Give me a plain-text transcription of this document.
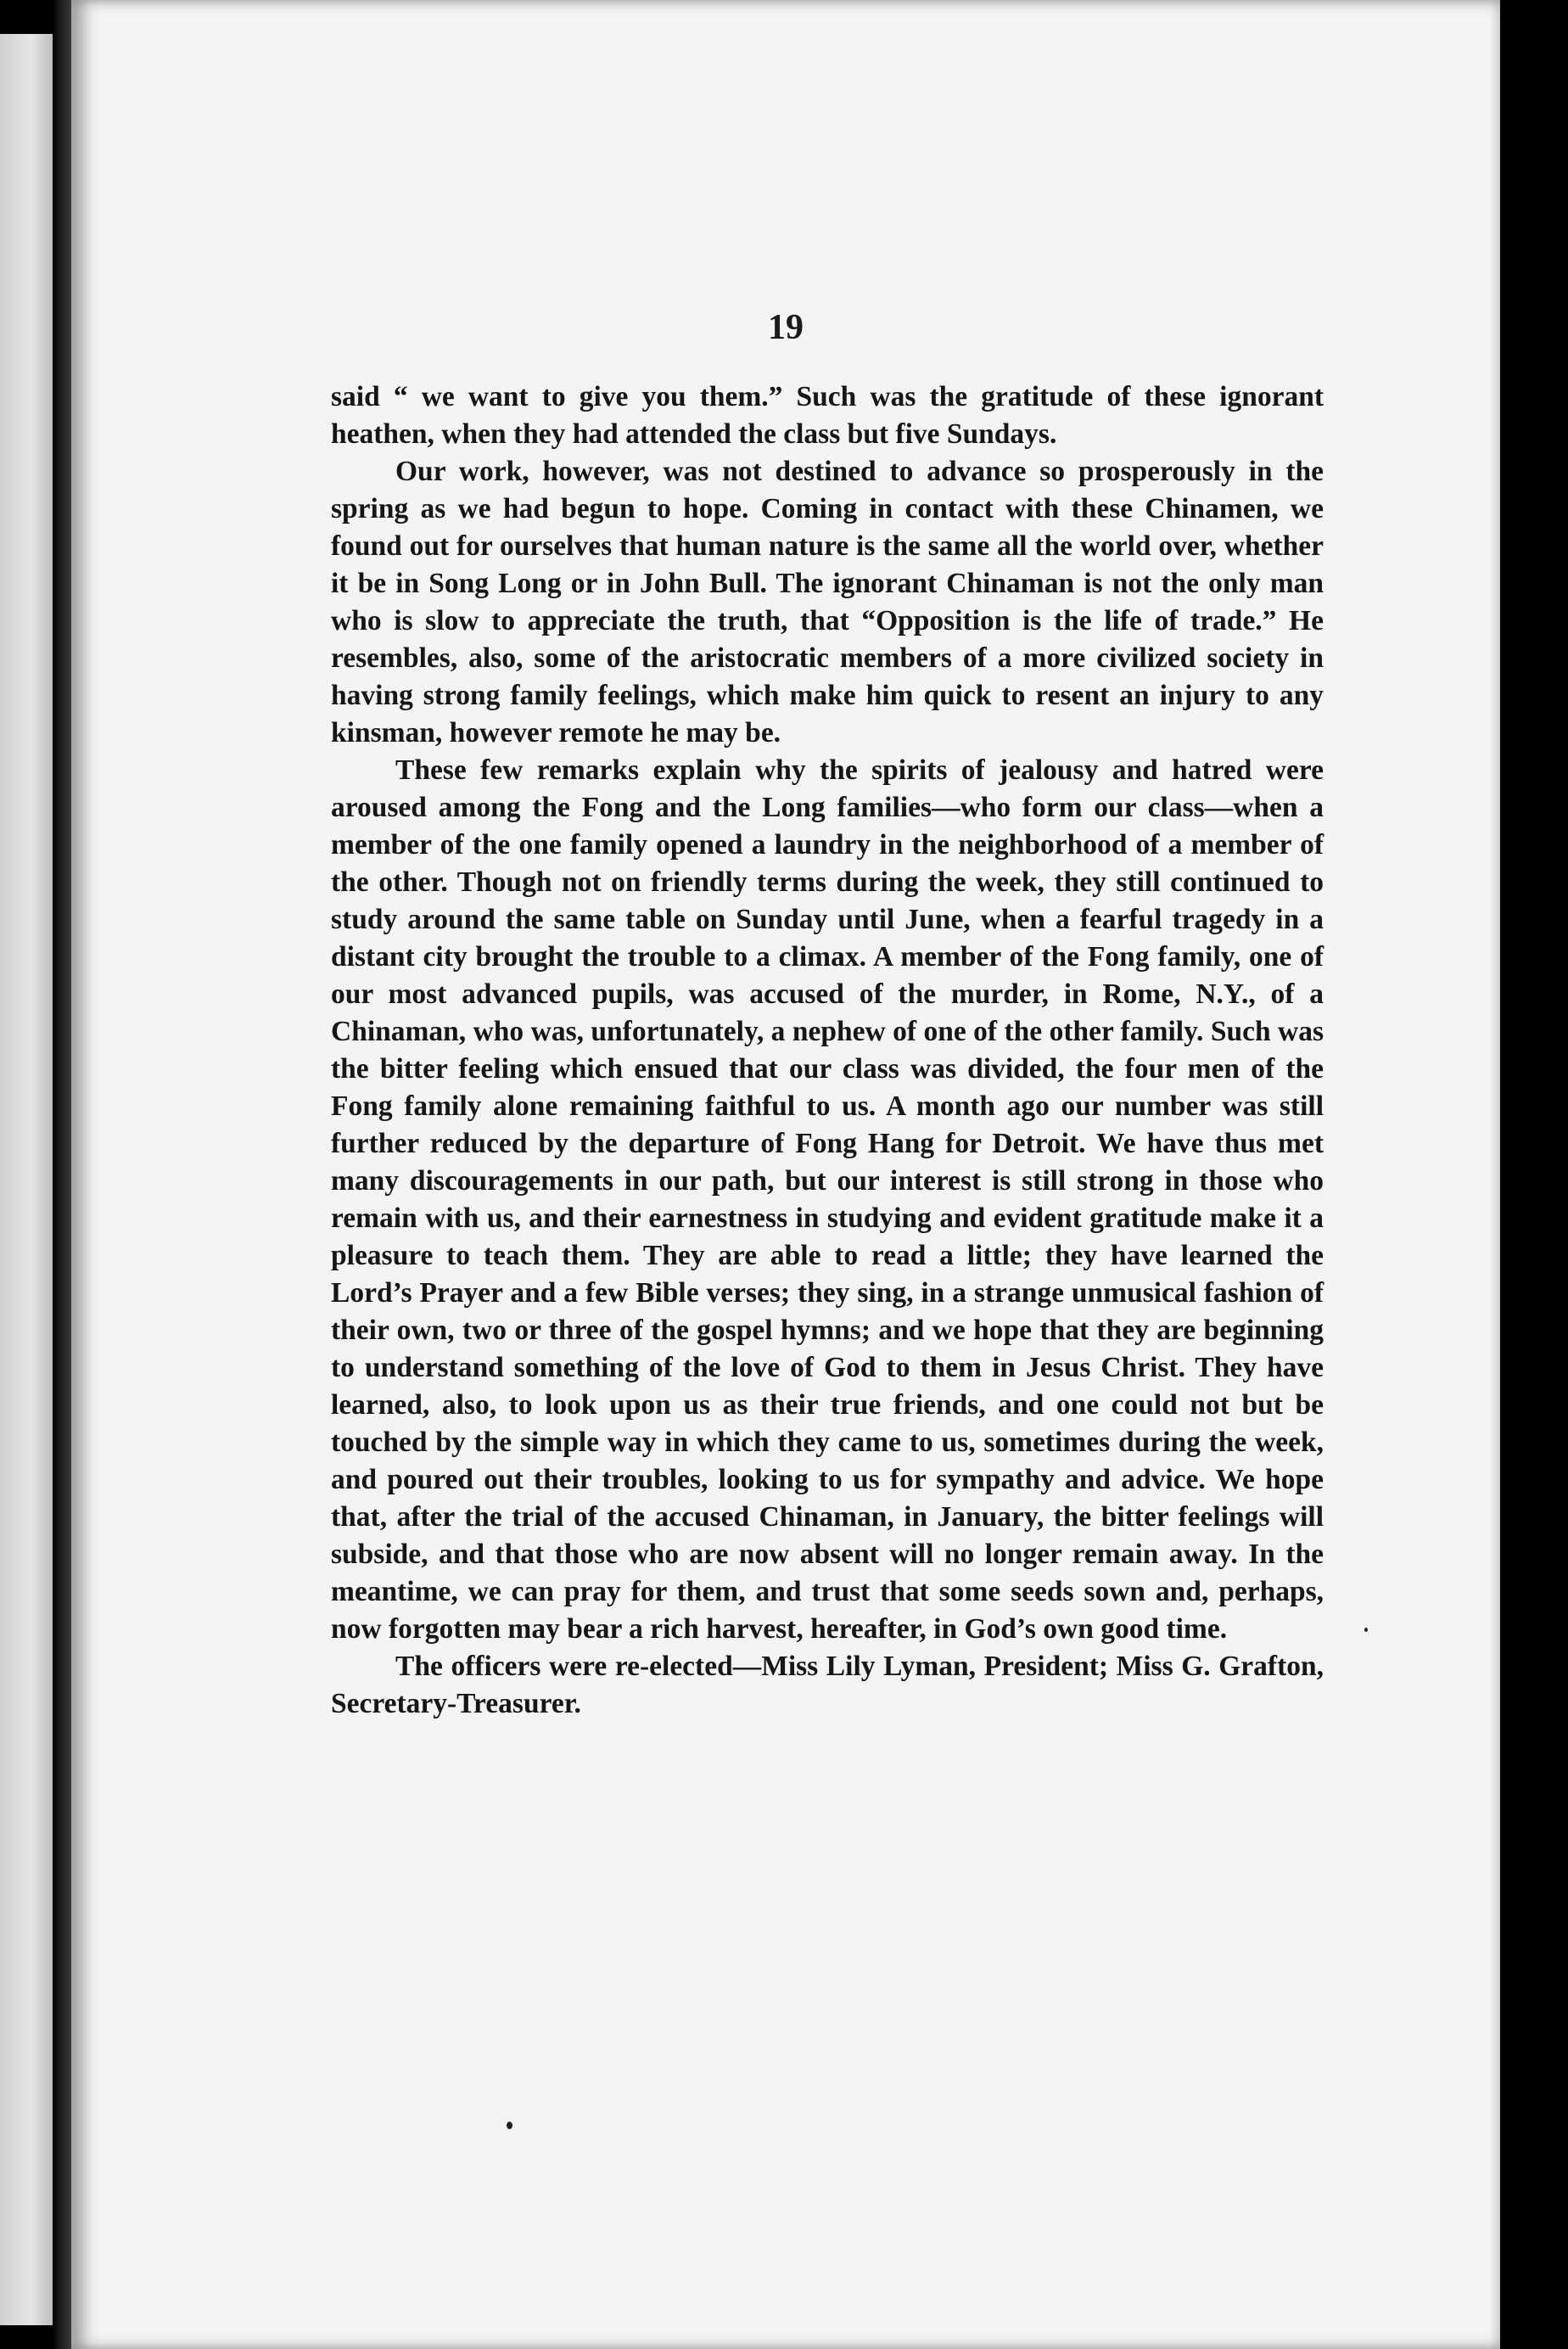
19

said “ we want to give you them.” Such was the gratitude of these ignorant heathen, when they had attended the class but five Sundays.

Our work, however, was not destined to advance so prosperously in the spring as we had begun to hope. Coming in contact with these Chinamen, we found out for ourselves that human nature is the same all the world over, whether it be in Song Long or in John Bull. The ignorant Chinaman is not the only man who is slow to appreciate the truth, that “Opposition is the life of trade.” He resembles, also, some of the aristocratic members of a more civilized society in having strong family feelings, which make him quick to resent an injury to any kinsman, however remote he may be.

These few remarks explain why the spirits of jealousy and hatred were aroused among the Fong and the Long families—who form our class—when a member of the one family opened a laundry in the neighborhood of a member of the other. Though not on friendly terms during the week, they still continued to study around the same table on Sunday until June, when a fearful tragedy in a distant city brought the trouble to a climax. A member of the Fong family, one of our most advanced pupils, was accused of the murder, in Rome, N.Y., of a Chinaman, who was, unfortunately, a nephew of one of the other family. Such was the bitter feeling which ensued that our class was divided, the four men of the Fong family alone remaining faithful to us. A month ago our number was still further reduced by the departure of Fong Hang for Detroit. We have thus met many discouragements in our path, but our interest is still strong in those who remain with us, and their earnestness in studying and evident gratitude make it a pleasure to teach them. They are able to read a little; they have learned the Lord’s Prayer and a few Bible verses; they sing, in a strange unmusical fashion of their own, two or three of the gospel hymns; and we hope that they are beginning to understand something of the love of God to them in Jesus Christ. They have learned, also, to look upon us as their true friends, and one could not but be touched by the simple way in which they came to us, sometimes during the week, and poured out their troubles, looking to us for sympathy and advice. We hope that, after the trial of the accused Chinaman, in January, the bitter feelings will subside, and that those who are now absent will no longer remain away. In the meantime, we can pray for them, and trust that some seeds sown and, perhaps, now forgotten may bear a rich harvest, hereafter, in God’s own good time.

The officers were re-elected—Miss Lily Lyman, President; Miss G. Grafton, Secretary-Treasurer.
